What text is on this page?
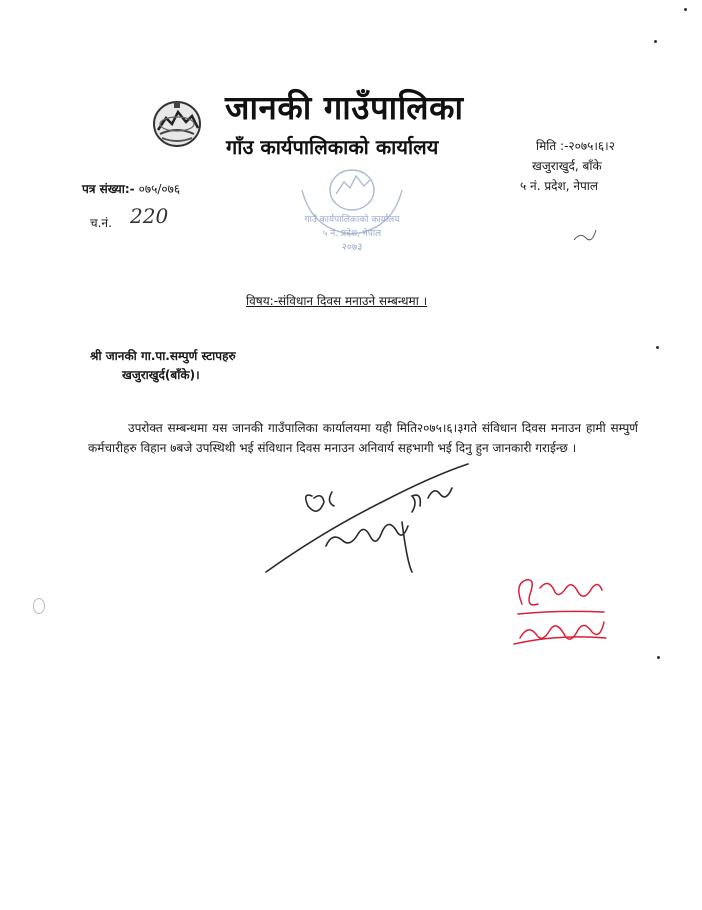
जानकी गाउँपालिका
गाँउ कार्यपालिकाको कार्यालय	मिति :-२०७५।६।२
खजुराखुर्द, बाँके
५ नं. प्रदेश, नेपाल
पत्र संख्या:- ०७५/०७६
च.नं. 220	गाउँ कार्यपालिकाको कार्यालय
५ नं. प्रदेश, नेपाल
२०७३
विषय:-संविधान दिवस मनाउने सम्बन्धमा ।
श्री जानकी गा.पा.सम्पुर्ण स्टापहरु
खजुराखुर्द(बाँके)।
उपरोक्त सम्बन्धमा यस जानकी गाउँपालिका कार्यालयमा यही मिति२०७५।६।३गते संविधान दिवस मनाउन हामी सम्पुर्ण कर्मचारीहरु विहान ७बजे उपस्थिथी भई संविधान दिवस मनाउन अनिवार्य सहभागी भई दिनु हुन जानकारी गराईन्छ ।
